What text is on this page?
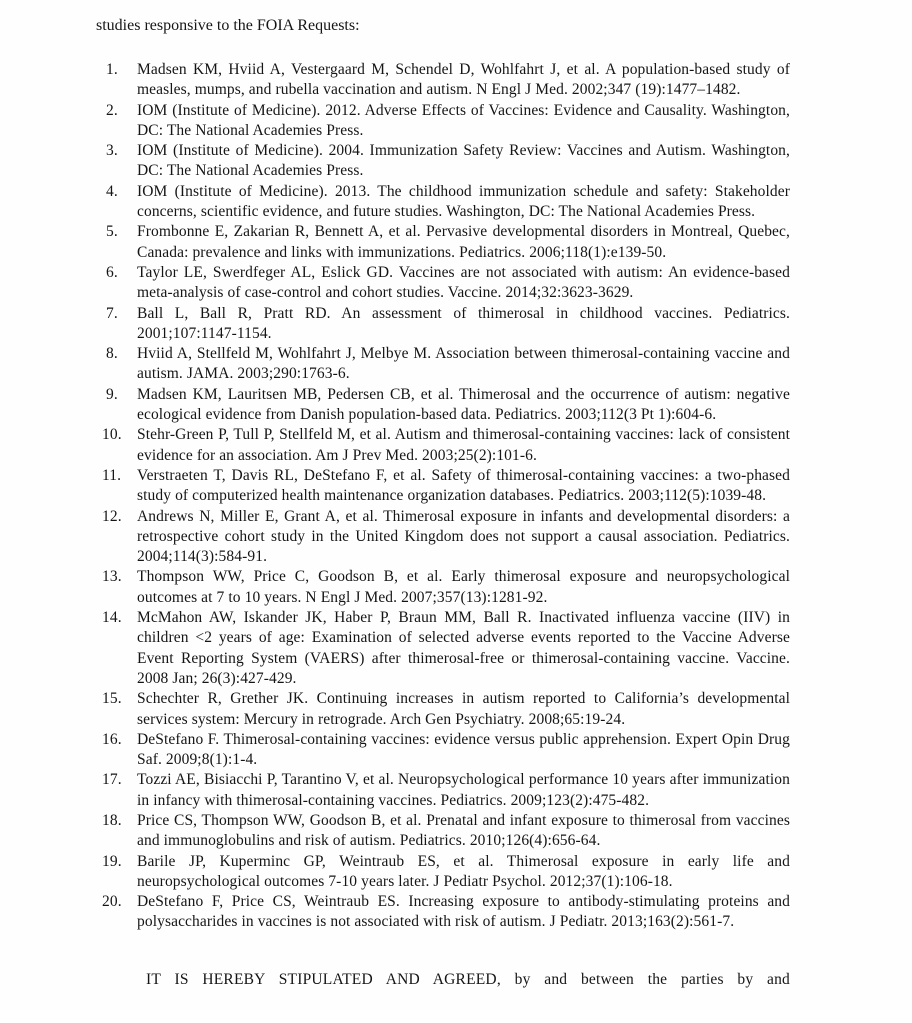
studies responsive to the FOIA Requests:

1.	Madsen KM, Hviid A, Vestergaard M, Schendel D, Wohlfahrt J, et al. A population-based study of measles, mumps, and rubella vaccination and autism. N Engl J Med. 2002;347 (19):1477–1482.
2.	IOM (Institute of Medicine). 2012. Adverse Effects of Vaccines: Evidence and Causality. Washington, DC: The National Academies Press.
3.	IOM (Institute of Medicine). 2004. Immunization Safety Review: Vaccines and Autism. Washington, DC: The National Academies Press.
4.	IOM (Institute of Medicine). 2013. The childhood immunization schedule and safety: Stakeholder concerns, scientific evidence, and future studies. Washington, DC: The National Academies Press.
5.	Frombonne E, Zakarian R, Bennett A, et al. Pervasive developmental disorders in Montreal, Quebec, Canada: prevalence and links with immunizations. Pediatrics. 2006;118(1):e139-50.
6.	Taylor LE, Swerdfeger AL, Eslick GD. Vaccines are not associated with autism: An evidence-based meta-analysis of case-control and cohort studies. Vaccine. 2014;32:3623-3629.
7.	Ball L, Ball R, Pratt RD. An assessment of thimerosal in childhood vaccines. Pediatrics. 2001;107:1147-1154.
8.	Hviid A, Stellfeld M, Wohlfahrt J, Melbye M. Association between thimerosal-containing vaccine and autism. JAMA. 2003;290:1763-6.
9.	Madsen KM, Lauritsen MB, Pedersen CB, et al. Thimerosal and the occurrence of autism: negative ecological evidence from Danish population-based data. Pediatrics. 2003;112(3 Pt 1):604-6.
10. Stehr-Green P, Tull P, Stellfeld M, et al. Autism and thimerosal-containing vaccines: lack of consistent evidence for an association. Am J Prev Med. 2003;25(2):101-6.
11.	Verstraeten T, Davis RL, DeStefano F, et al. Safety of thimerosal-containing vaccines: a two-phased study of computerized health maintenance organization databases. Pediatrics. 2003;112(5):1039-48.
12. Andrews N, Miller E, Grant A, et al. Thimerosal exposure in infants and developmental disorders: a retrospective cohort study in the United Kingdom does not support a causal association. Pediatrics. 2004;114(3):584-91.
13. Thompson WW, Price C, Goodson B, et al. Early thimerosal exposure and neuropsychological outcomes at 7 to 10 years. N Engl J Med. 2007;357(13):1281-92.
14. McMahon AW, Iskander JK, Haber P, Braun MM, Ball R. Inactivated influenza vaccine (IIV) in children <2 years of age: Examination of selected adverse events reported to the Vaccine Adverse Event Reporting System (VAERS) after thimerosal-free or thimerosal-containing vaccine. Vaccine. 2008 Jan; 26(3):427-429.
15. Schechter R, Grether JK. Continuing increases in autism reported to California’s developmental services system: Mercury in retrograde. Arch Gen Psychiatry. 2008;65:19-24.
16. DeStefano F. Thimerosal-containing vaccines: evidence versus public apprehension. Expert Opin Drug Saf. 2009;8(1):1-4.
17. Tozzi AE, Bisiacchi P, Tarantino V, et al. Neuropsychological performance 10 years after immunization in infancy with thimerosal-containing vaccines. Pediatrics. 2009;123(2):475-482.
18. Price CS, Thompson WW, Goodson B, et al. Prenatal and infant exposure to thimerosal from vaccines and immunoglobulins and risk of autism. Pediatrics. 2010;126(4):656-64.
19. Barile JP, Kuperminc GP, Weintraub ES, et al. Thimerosal exposure in early life and neuropsychological outcomes 7-10 years later. J Pediatr Psychol. 2012;37(1):106-18.
20. DeStefano F, Price CS, Weintraub ES. Increasing exposure to antibody-stimulating proteins and polysaccharides in vaccines is not associated with risk of autism. J Pediatr. 2013;163(2):561-7.

IT IS HEREBY STIPULATED AND AGREED, by and between the parties by and
